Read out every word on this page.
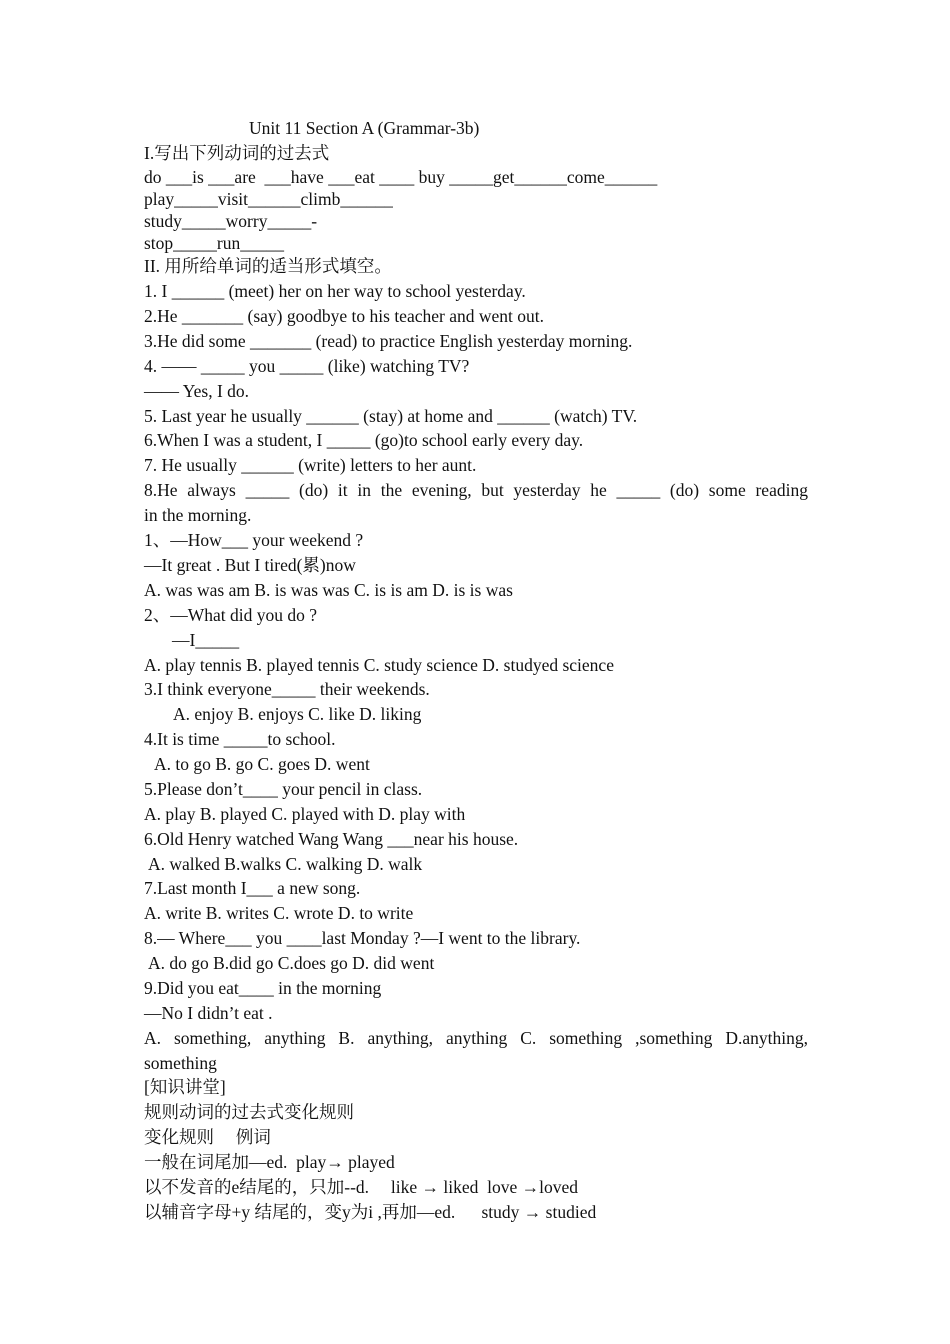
Unit 11 Section A (Grammar-3b)
I.写出下列动词的过去式
do ___is ___are  ___have ___eat ____ buy _____get______come______
play_____visit______climb______
study_____worry_____-
stop_____run_____
II. 用所给单词的适当形式填空。
1. I ______ (meet) her on her way to school yesterday.
2.He _______ (say) goodbye to his teacher and went out.
3.He did some _______ (read) to practice English yesterday morning.
4. —— _____ you _____ (like) watching TV?
—— Yes, I do.
5. Last year he usually ______ (stay) at home and ______ (watch) TV.
6.When I was a student, I _____ (go)to school early every day.
7. He usually ______ (write) letters to her aunt.
8.He always _____ (do) it in the evening, but yesterday he _____ (do) some reading
in the morning.
1、—How___ your weekend ?
—It great . But I tired(累)now
A. was was am B. is was was C. is is am D. is is was
2、—What did you do ?
—I_____
A. play tennis B. played tennis C. study science D. studyed science
3.I think everyone_____ their weekends.
A. enjoy B. enjoys C. like D. liking
4.It is time _____to school.
A. to go B. go C. goes D. went
5.Please don’t____ your pencil in class.
A. play B. played C. played with D. play with
6.Old Henry watched Wang Wang ___near his house.
A. walked B.walks C. walking D. walk
7.Last month I___ a new song.
A. write B. writes C. wrote D. to write
8.— Where___ you ____last Monday ?—I went to the library.
A. do go B.did go C.does go D. did went
9.Did you eat____ in the morning
—No I didn’t eat .
A. something, anything B. anything, anything C. something ,something D.anything,
something
[知识讲堂]
规则动词的过去式变化规则
变化规则     例词
一般在词尾加—ed.  play→ played
以不发音的e结尾的，只加--d.     like → liked  love →loved
以辅音字母+y 结尾的，变y为i ,再加—ed.      study → studied
